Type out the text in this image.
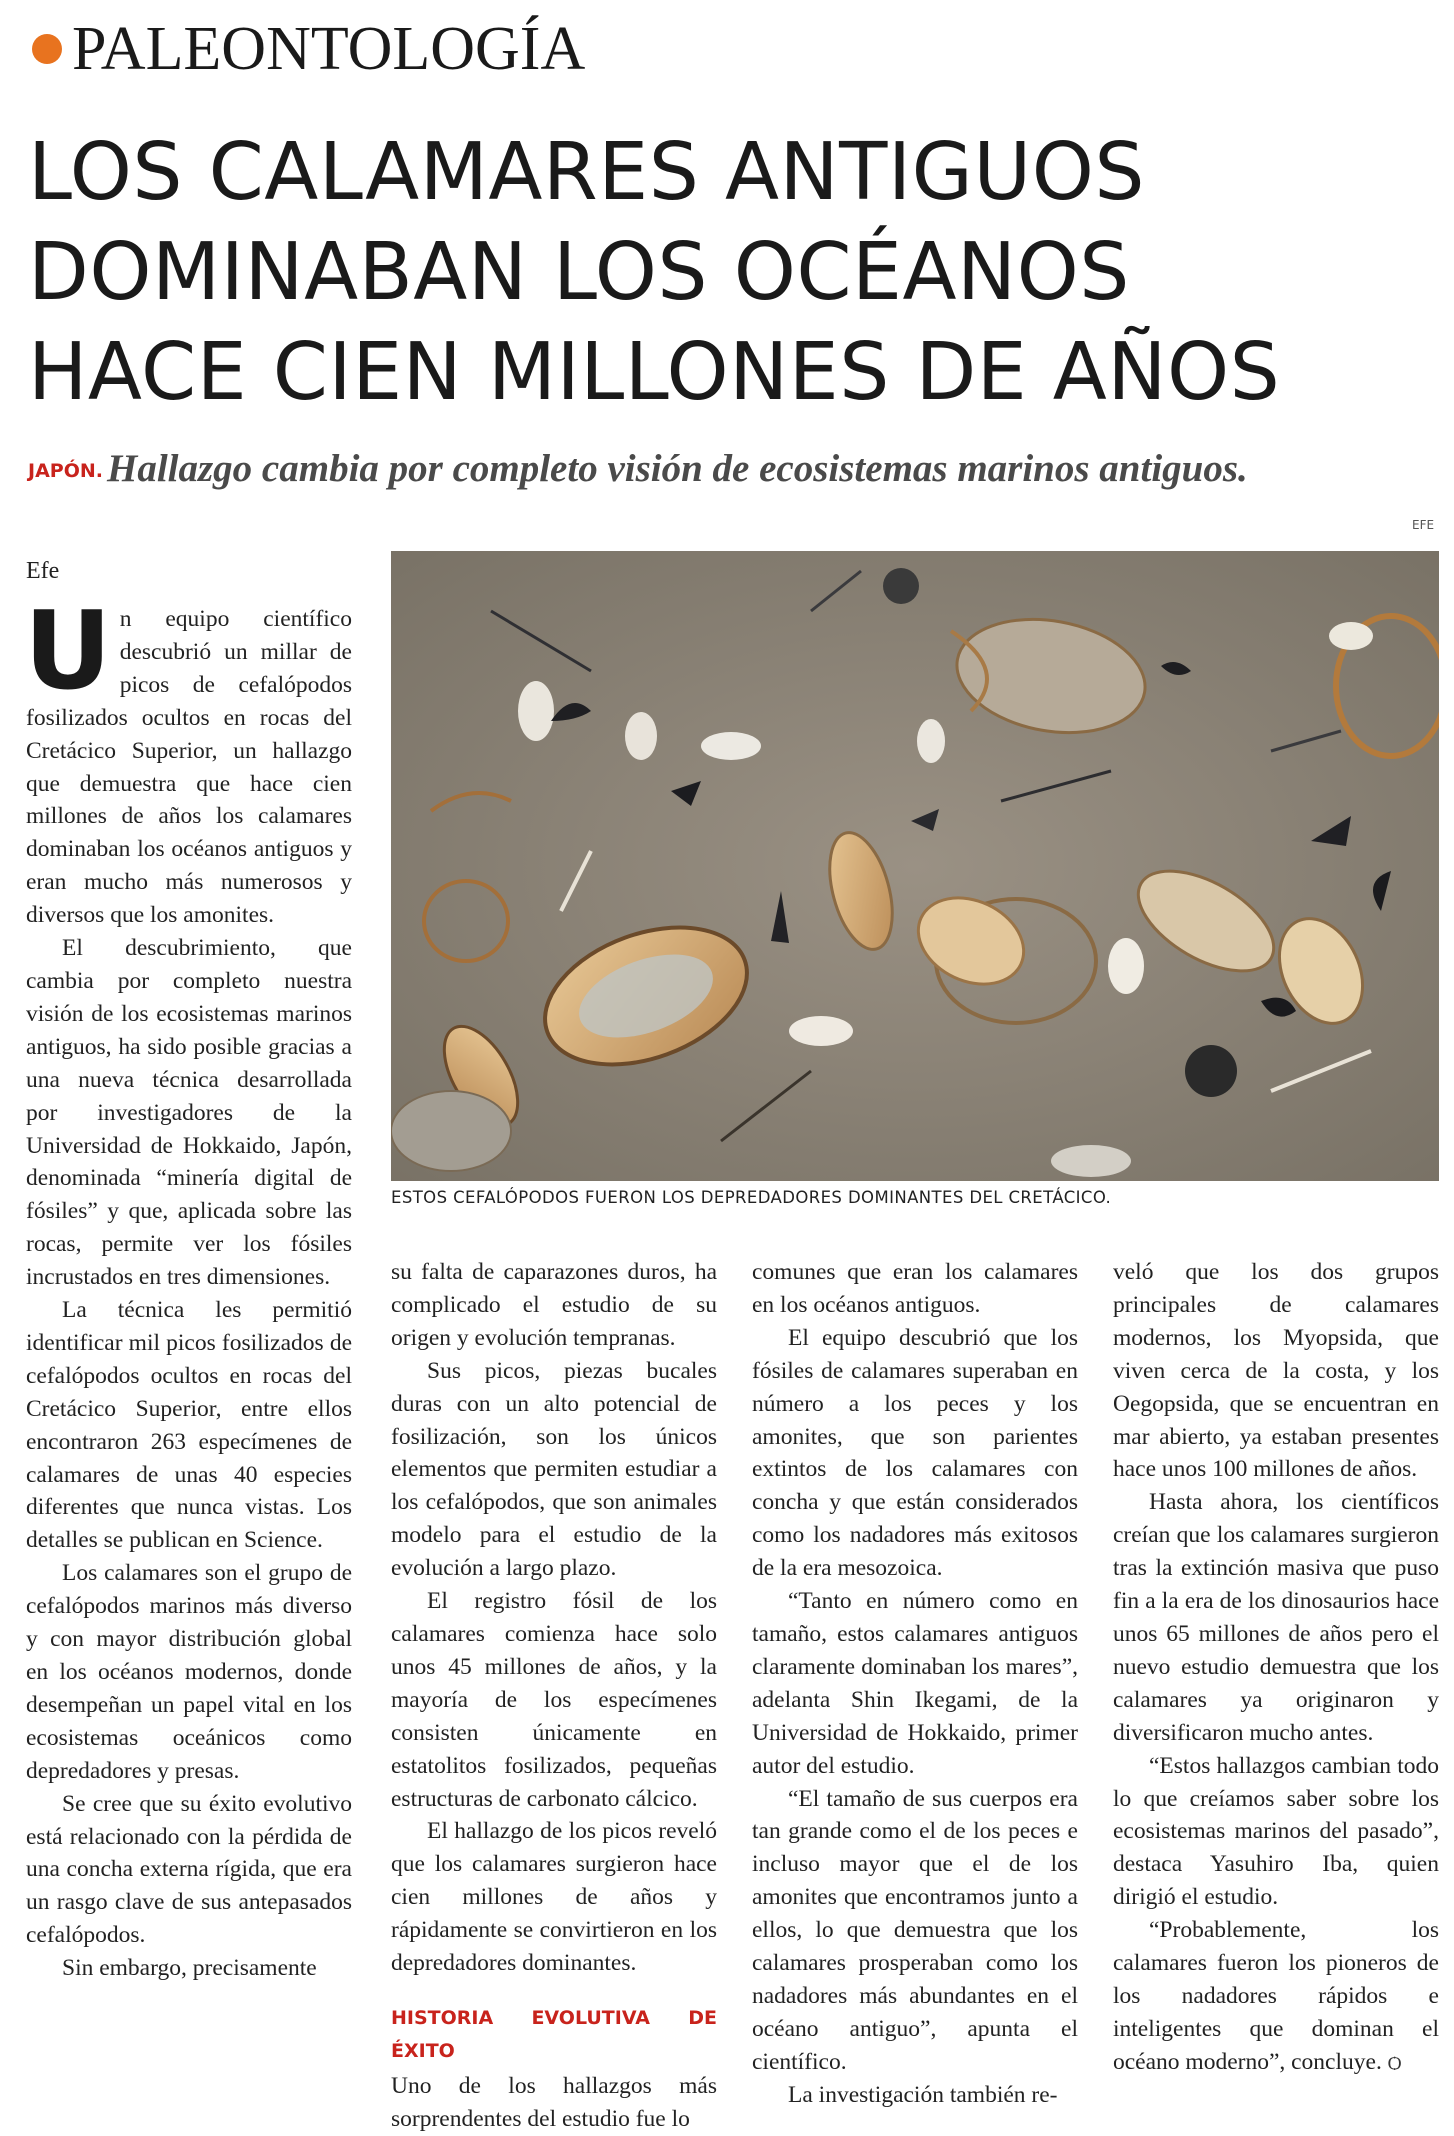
PALEONTOLOGÍA
LOS CALAMARES ANTIGUOS
DOMINABAN LOS OCÉANOS
HACE CIEN MILLONES DE AÑOS
JAPÓN. Hallazgo cambia por completo visión de ecosistemas marinos antiguos.
EFE
Efe
ESTOS CEFALÓPODOS FUERON LOS DEPREDADORES DOMINANTES DEL CRETÁCICO.
U n equipo científico descubrió un millar de picos de cefalópodos fosilizados ocultos en rocas del Cretácico Superior, un hallazgo que demuestra que hace cien millones de años los calamares dominaban los océanos antiguos y eran mucho más numerosos y diversos que los amonites.

El descubrimiento, que cambia por completo nuestra visión de los ecosistemas marinos antiguos, ha sido posible gracias a una nueva técnica desarrollada por investigadores de la Universidad de Hokkaido, Japón, denominada “minería digital de fósiles” y que, aplicada sobre las rocas, permite ver los fósiles incrustados en tres dimensiones.

La técnica les permitió identificar mil picos fosilizados de cefalópodos ocultos en rocas del Cretácico Superior, entre ellos encontraron 263 especímenes de calamares de unas 40 especies diferentes que nunca vistas. Los detalles se publican en Science.

Los calamares son el grupo de cefalópodos marinos más diverso y con mayor distribución global en los océanos modernos, donde desempeñan un papel vital en los ecosistemas oceánicos como depredadores y presas.

Se cree que su éxito evolutivo está relacionado con la pérdida de una concha externa rígida, que era un rasgo clave de sus antepasados cefalópodos.

Sin embargo, precisamente

su falta de caparazones duros, ha complicado el estudio de su origen y evolución tempranas.

Sus picos, piezas bucales duras con un alto potencial de fosilización, son los únicos elementos que permiten estudiar a los cefalópodos, que son animales modelo para el estudio de la evolución a largo plazo.

El registro fósil de los calamares comienza hace solo unos 45 millones de años, y la mayoría de los especímenes consisten únicamente en estatolitos fosilizados, pequeñas estructuras de carbonato cálcico.

El hallazgo de los picos reveló que los calamares surgieron hace cien millones de años y rápidamente se convirtieron en los depredadores dominantes.

HISTORIA EVOLUTIVA DE ÉXITO

Uno de los hallazgos más sorprendentes del estudio fue lo

comunes que eran los calamares en los océanos antiguos.

El equipo descubrió que los fósiles de calamares superaban en número a los peces y los amonites, que son parientes extintos de los calamares con concha y que están considerados como los nadadores más exitosos de la era mesozoica.

“Tanto en número como en tamaño, estos calamares antiguos claramente dominaban los mares”, adelanta Shin Ikegami, de la Universidad de Hokkaido, primer autor del estudio.

“El tamaño de sus cuerpos era tan grande como el de los peces e incluso mayor que el de los amonites que encontramos junto a ellos, lo que demuestra que los calamares prosperaban como los nadadores más abundantes en el océano antiguo”, apunta el científico.

La investigación también re-

veló que los dos grupos principales de calamares modernos, los Myopsida, que viven cerca de la costa, y los Oegopsida, que se encuentran en mar abierto, ya estaban presentes hace unos 100 millones de años.

Hasta ahora, los científicos creían que los calamares surgieron tras la extinción masiva que puso fin a la era de los dinosaurios hace unos 65 millones de años pero el nuevo estudio demuestra que los calamares ya originaron y diversificaron mucho antes.

“Estos hallazgos cambian todo lo que creíamos saber sobre los ecosistemas marinos del pasado”, destaca Yasuhiro Iba, quien dirigió el estudio.

“Probablemente, los calamares fueron los pioneros de los nadadores rápidos e inteligentes que dominan el océano moderno”, concluye. Ѻ
